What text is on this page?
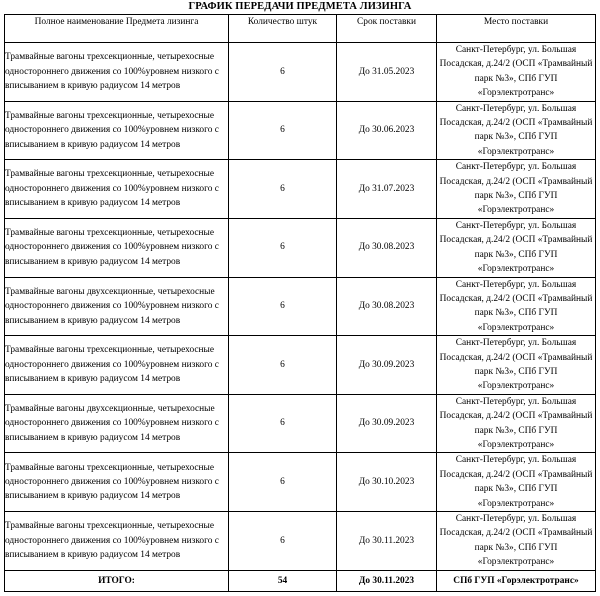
ГРАФИК ПЕРЕДАЧИ ПРЕДМЕТА ЛИЗИНГА
Полное наименование Предмета лизинга	Количество штук	Срок поставки	Место поставки
Трамвайные вагоны трехсекционные, четырехосные одностороннего движения со 100%уровнем низкого с вписыванием в кривую радиусом 14 метров	6	До 31.05.2023	Санкт-Петербург, ул. Большая Посадская, д.24/2 (ОСП «Трамвайный парк №3», СПб ГУП «Горэлектротранс»
Трамвайные вагоны трехсекционные, четырехосные одностороннего движения со 100%уровнем низкого с вписыванием в кривую радиусом 14 метров	6	До 30.06.2023	Санкт-Петербург, ул. Большая Посадская, д.24/2 (ОСП «Трамвайный парк №3», СПб ГУП «Горэлектротранс»
Трамвайные вагоны трехсекционные, четырехосные одностороннего движения со 100%уровнем низкого с вписыванием в кривую радиусом 14 метров	6	До 31.07.2023	Санкт-Петербург, ул. Большая Посадская, д.24/2 (ОСП «Трамвайный парк №3», СПб ГУП «Горэлектротранс»
Трамвайные вагоны трехсекционные, четырехосные одностороннего движения со 100%уровнем низкого с вписыванием в кривую радиусом 14 метров	6	До 30.08.2023	Санкт-Петербург, ул. Большая Посадская, д.24/2 (ОСП «Трамвайный парк №3», СПб ГУП «Горэлектротранс»
Трамвайные вагоны двухсекционные, четырехосные одностороннего движения со 100%уровнем низкого с вписыванием в кривую радиусом 14 метров	6	До 30.08.2023	Санкт-Петербург, ул. Большая Посадская, д.24/2 (ОСП «Трамвайный парк №3», СПб ГУП «Горэлектротранс»
Трамвайные вагоны трехсекционные, четырехосные одностороннего движения со 100%уровнем низкого с вписыванием в кривую радиусом 14 метров	6	До 30.09.2023	Санкт-Петербург, ул. Большая Посадская, д.24/2 (ОСП «Трамвайный парк №3», СПб ГУП «Горэлектротранс»
Трамвайные вагоны двухсекционные, четырехосные одностороннего движения со 100%уровнем низкого с вписыванием в кривую радиусом 14 метров	6	До 30.09.2023	Санкт-Петербург, ул. Большая Посадская, д.24/2 (ОСП «Трамвайный парк №3», СПб ГУП «Горэлектротранс»
Трамвайные вагоны трехсекционные, четырехосные одностороннего движения со 100%уровнем низкого с вписыванием в кривую радиусом 14 метров	6	До 30.10.2023	Санкт-Петербург, ул. Большая Посадская, д.24/2 (ОСП «Трамвайный парк №3», СПб ГУП «Горэлектротранс»
Трамвайные вагоны трехсекционные, четырехосные одностороннего движения со 100%уровнем низкого с вписыванием в кривую радиусом 14 метров	6	До 30.11.2023	Санкт-Петербург, ул. Большая Посадская, д.24/2 (ОСП «Трамвайный парк №3», СПб ГУП «Горэлектротранс»
ИТОГО:	54	До 30.11.2023	СПб ГУП «Горэлектротранс»
